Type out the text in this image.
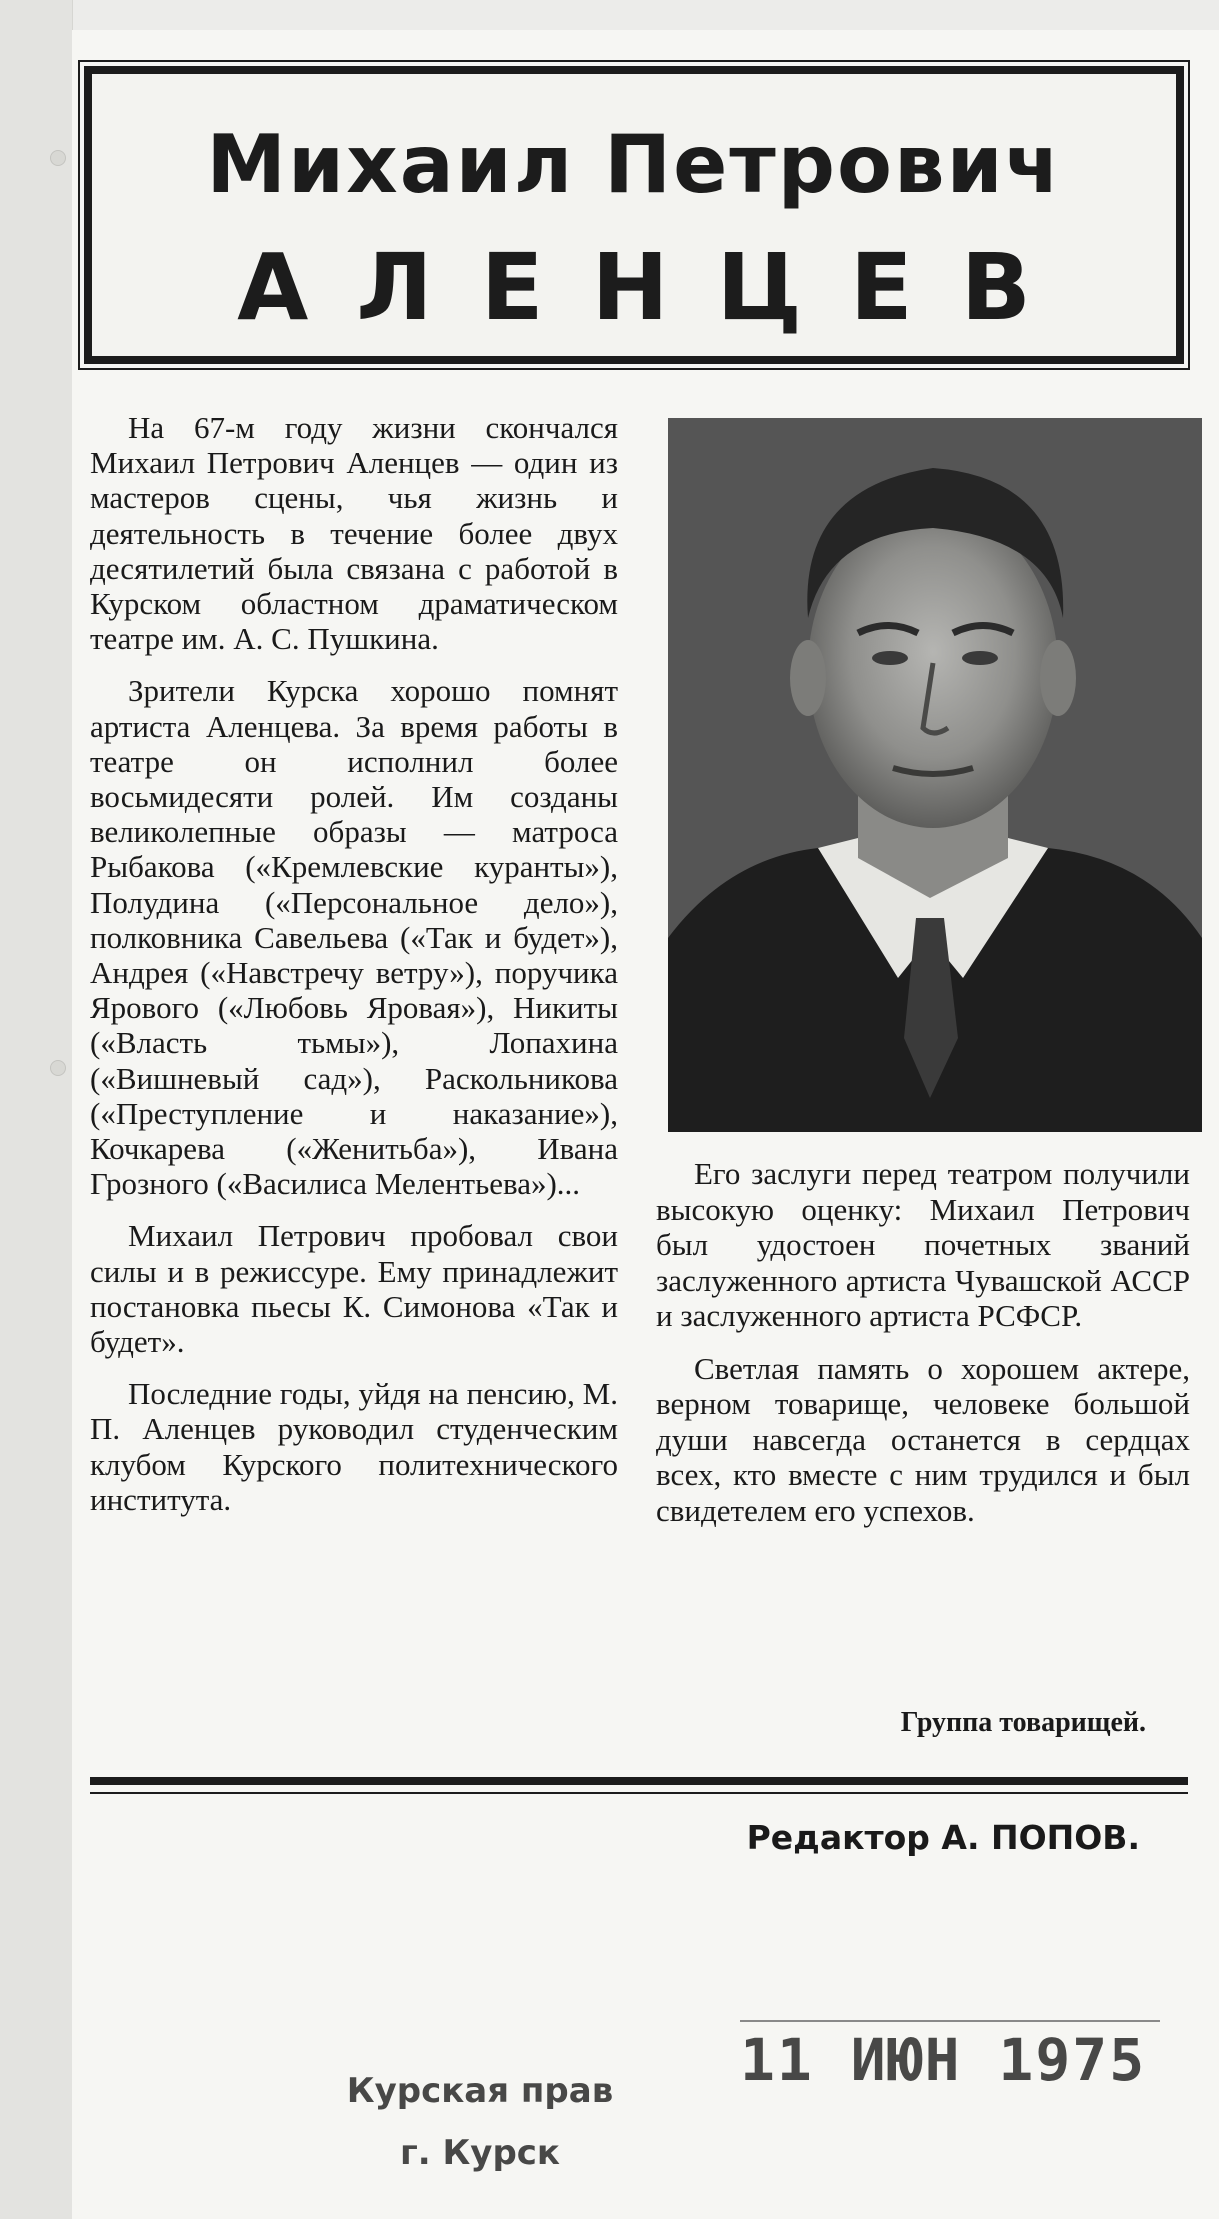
Михаил Петрович
АЛЕНЦЕВ

На 67-м году жизни скончался Михаил Петрович Аленцев — один из мастеров сцены, чья жизнь и деятельность в течение более двух десятилетий была связана с работой в Курском областном драматическом театре им. А. С. Пушкина.

Зрители Курска хорошо помнят артиста Аленцева. За время работы в театре он исполнил более восьмидесяти ролей. Им созданы великолепные образы — матроса Рыбакова («Кремлевские куранты»), Полудина («Персональное дело»), полковника Савельева («Так и будет»), Андрея («Навстречу ветру»), поручика Ярового («Любовь Яровая»), Никиты («Власть тьмы»), Лопахина («Вишневый сад»), Раскольникова («Преступление и наказание»), Кочкарева («Женитьба»), Ивана Грозного («Василиса Мелентьева»)...

Михаил Петрович пробовал свои силы и в режиссуре. Ему принадлежит постановка пьесы К. Симонова «Так и будет».

Последние годы, уйдя на пенсию, М. П. Аленцев руководил студенческим клубом Курского политехнического института.

Его заслуги перед театром получили высокую оценку: Михаил Петрович был удостоен почетных званий заслуженного артиста Чувашской АССР и заслуженного артиста РСФСР.

Светлая память о хорошем актере, верном товарище, человеке большой души навсегда останется в сердцах всех, кто вместе с ним трудился и был свидетелем его успехов.

Группа товарищей.
Редактор А. ПОПОВ.
Курская прав
г. Курск
11 ИЮН 1975
